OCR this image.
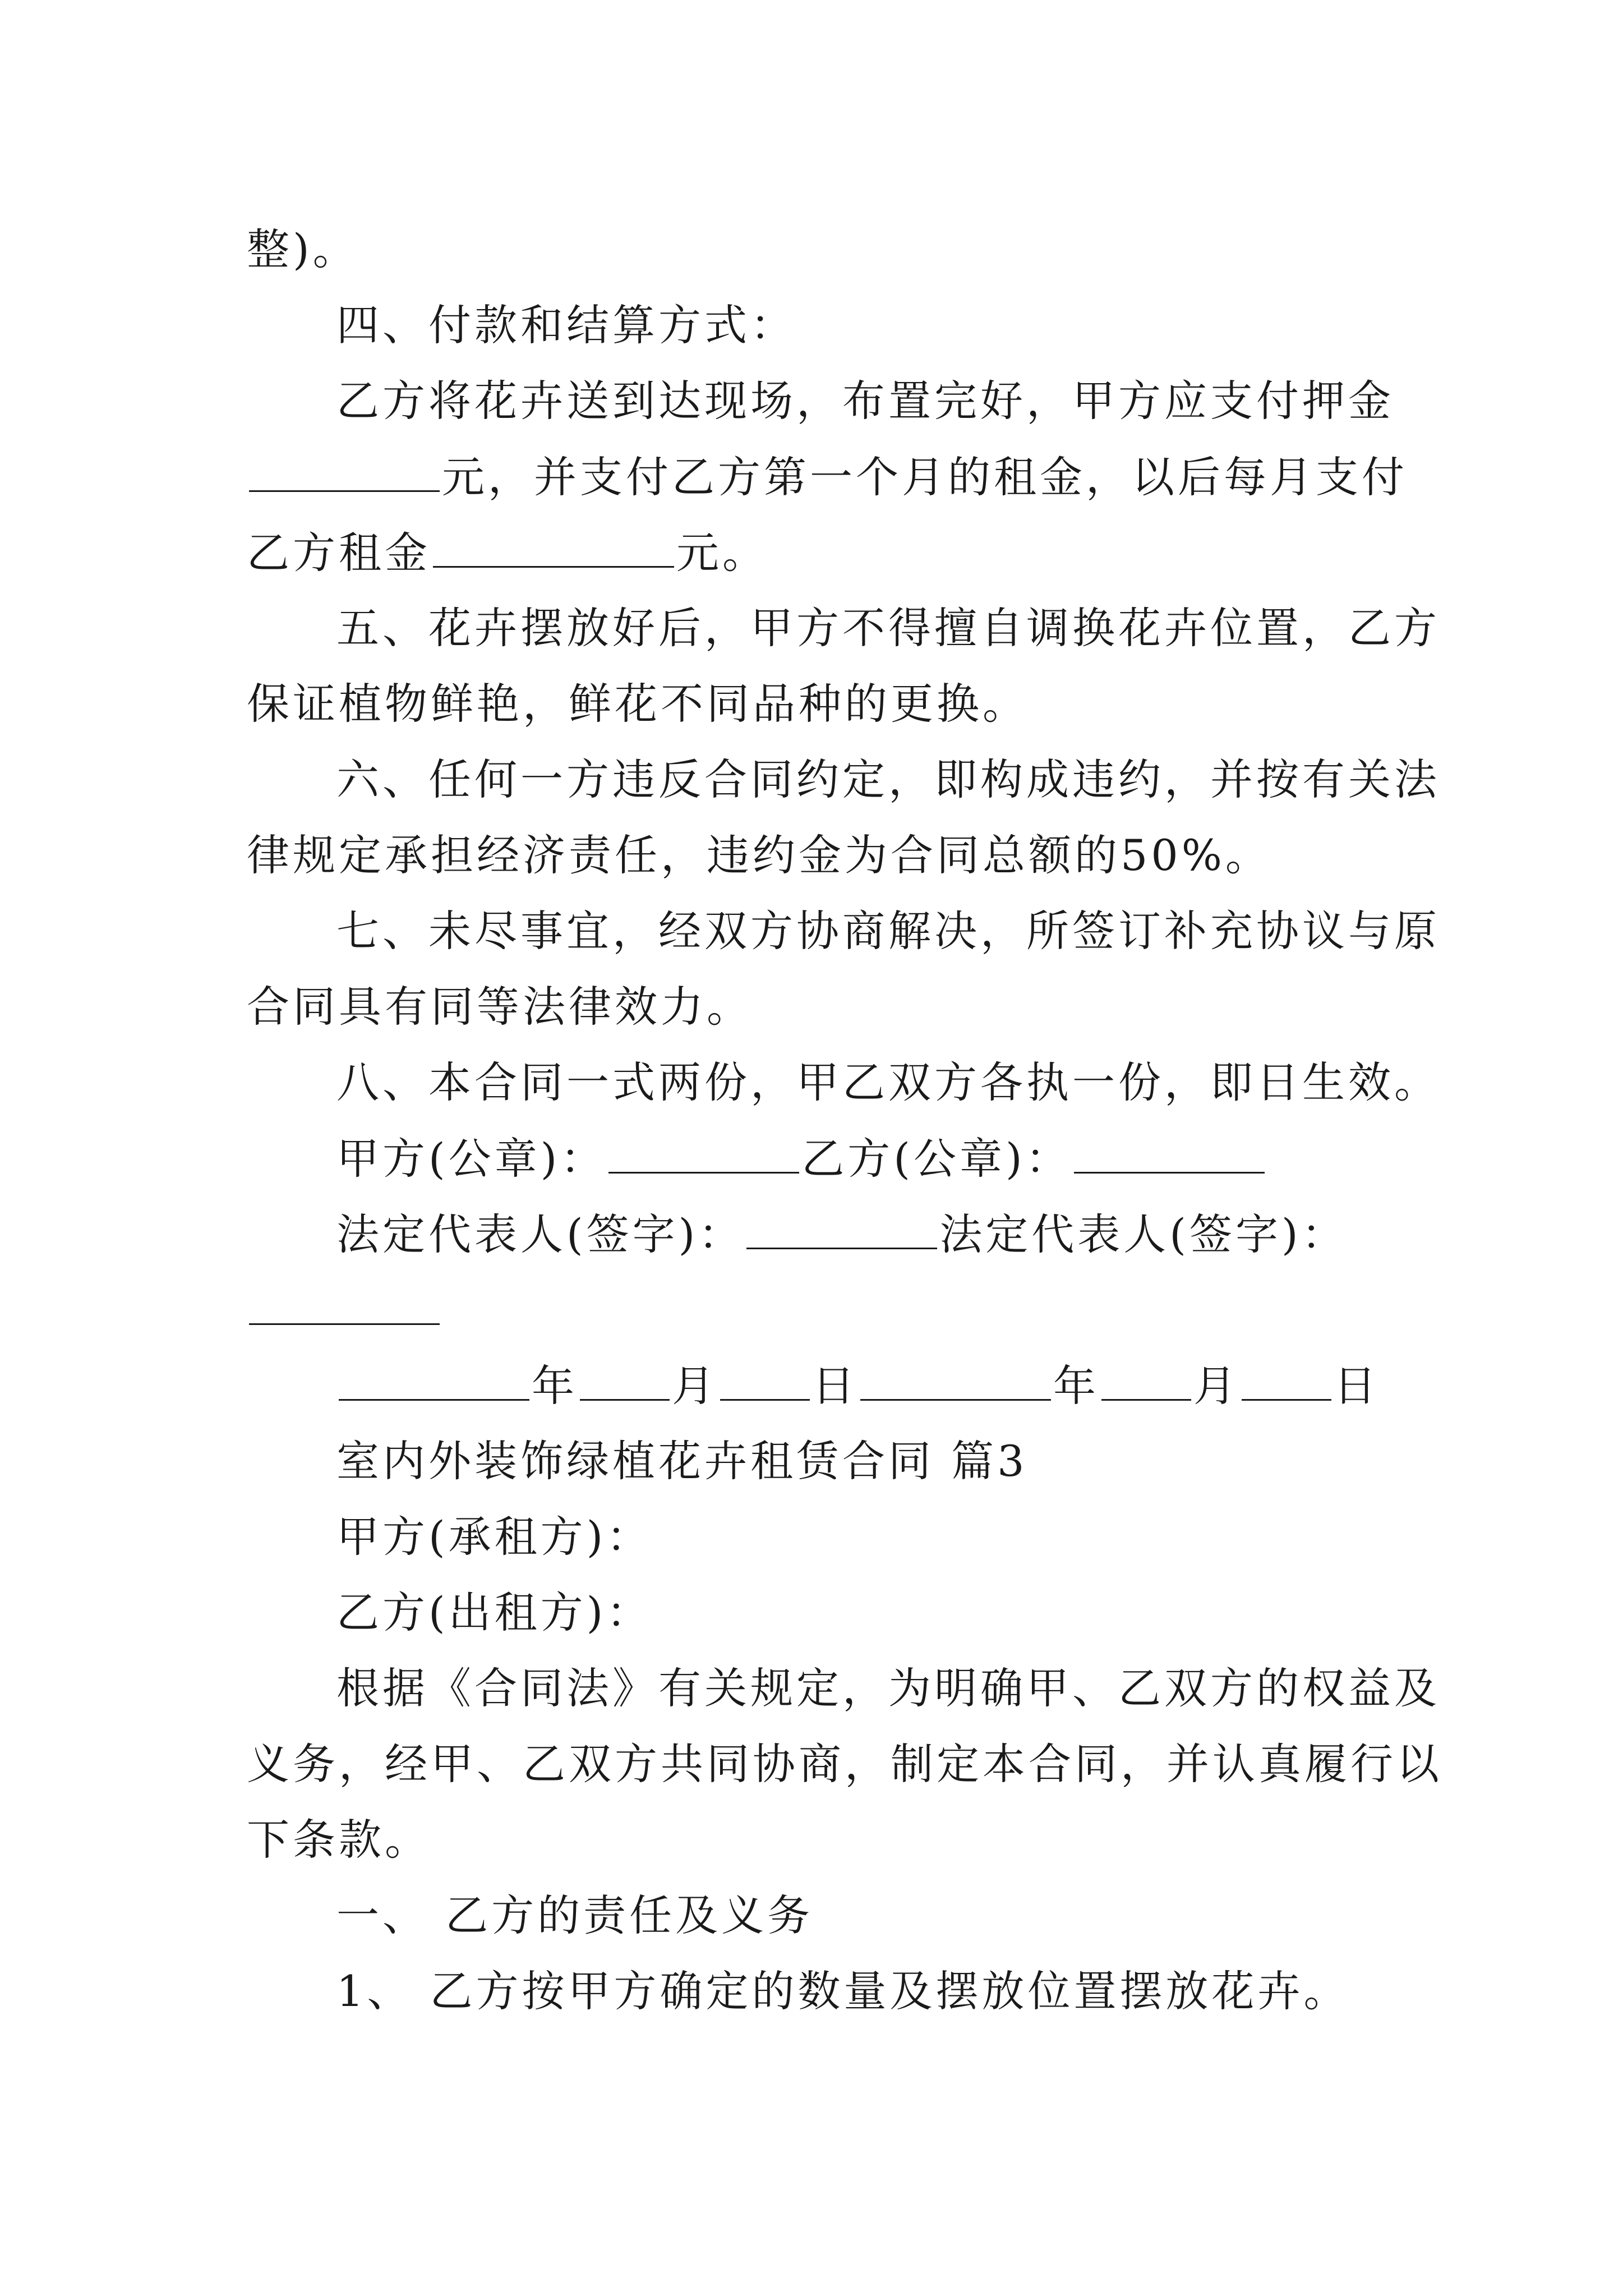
整)。
四、付款和结算方式：
乙方将花卉送到达现场，布置完好，甲方应支付押金
元，并支付乙方第一个月的租金，以后每月支付
乙方租金	元。
五、花卉摆放好后，甲方不得擅自调换花卉位置，乙方
保证植物鲜艳，鲜花不同品种的更换。
六、任何一方违反合同约定，即构成违约，并按有关法
律规定承担经济责任，违约金为合同总额的50%。
七、未尽事宜，经双方协商解决，所签订补充协议与原
合同具有同等法律效力。
八、本合同一式两份，甲乙双方各执一份，即日生效。
甲方(公章)：	乙方(公章)：
法定代表人(签字)：	法定代表人(签字)：
年 月 日	年 月 日
室内外装饰绿植花卉租赁合同 篇3
甲方(承租方)：
乙方(出租方)：
根据《合同法》有关规定，为明确甲、乙双方的权益及
义务，经甲、乙双方共同协商，制定本合同，并认真履行以
下条款。
一、 乙方的责任及义务
1、 乙方按甲方确定的数量及摆放位置摆放花卉。
